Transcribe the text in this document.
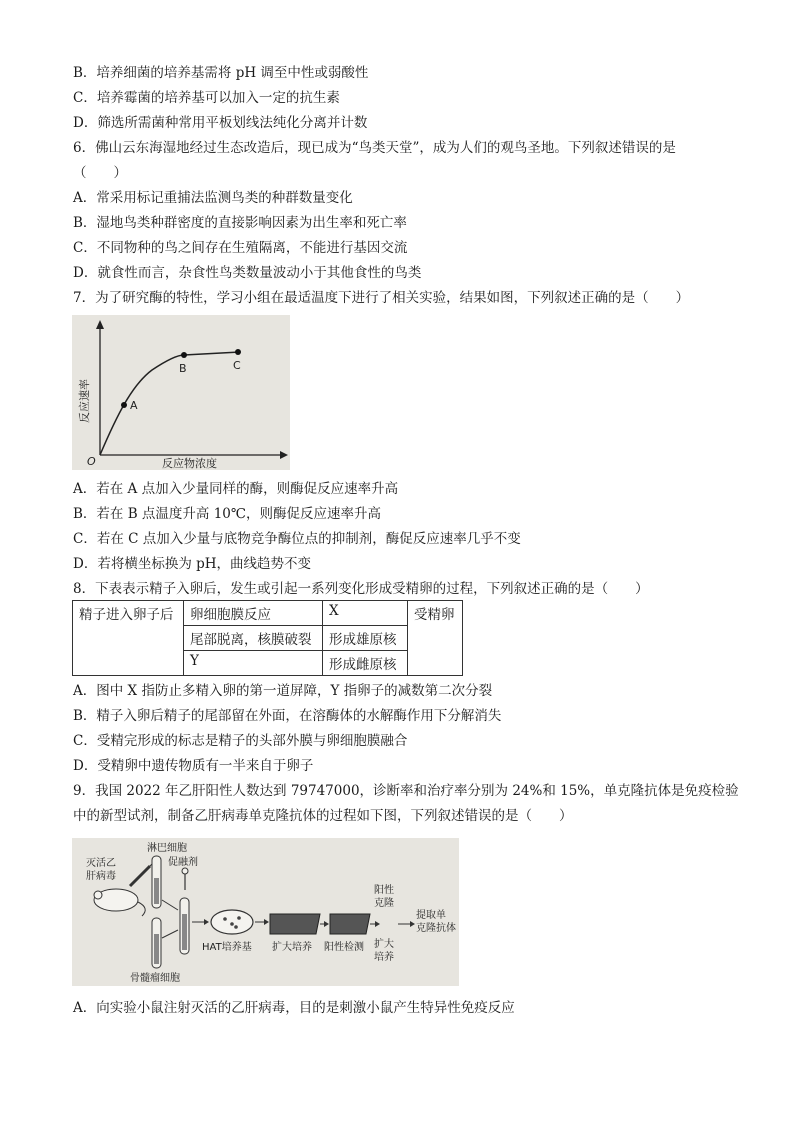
B．培养细菌的培养基需将 pH 调至中性或弱酸性
C．培养霉菌的培养基可以加入一定的抗生素
D．筛选所需菌种常用平板划线法纯化分离并计数
6．佛山云东海湿地经过生态改造后，现已成为“鸟类天堂”，成为人们的观鸟圣地。下列叙述错误的是
（　　）
A．常采用标记重捕法监测鸟类的种群数量变化
B．湿地鸟类种群密度的直接影响因素为出生率和死亡率
C．不同物种的鸟之间存在生殖隔离，不能进行基因交流
D．就食性而言，杂食性鸟类数量波动小于其他食性的鸟类
7．为了研究酶的特性，学习小组在最适温度下进行了相关实验，结果如图，下列叙述正确的是（　　）
A
B	C
O	反应物浓度
反应速率
A．若在 A 点加入少量同样的酶，则酶促反应速率升高
B．若在 B 点温度升高 10℃，则酶促反应速率升高
C．若在 C 点加入少量与底物竞争酶位点的抑制剂，酶促反应速率几乎不变
D．若将横坐标换为 pH，曲线趋势不变
8．下表表示精子入卵后，发生或引起一系列变化形成受精卵的过程，下列叙述正确的是（　　）
精子进入卵子后	卵细胞膜反应	X	受精卵
	尾部脱离，核膜破裂	形成雄原核	
	Y	形成雌原核	
A．图中 X 指防止多精入卵的第一道屏障，Y 指卵子的减数第二次分裂
B．精子入卵后精子的尾部留在外面，在溶酶体的水解酶作用下分解消失
C．受精完形成的标志是精子的头部外膜与卵细胞膜融合
D．受精卵中遗传物质有一半来自于卵子
9．我国 2022 年乙肝阳性人数达到 79747000，诊断率和治疗率分别为 24%和 15%，单克隆抗体是免疫检验
中的新型试剂，制备乙肝病毒单克隆抗体的过程如下图，下列叙述错误的是（　　）
灭活乙
肝病毒
淋巴细胞
促融剂
骨髓瘤细胞
HAT培养基 扩大培养 阳性检测
阳性
克隆
扩大
培养
提取单
克隆抗体
A．向实验小鼠注射灭活的乙肝病毒，目的是刺激小鼠产生特异性免疫反应
